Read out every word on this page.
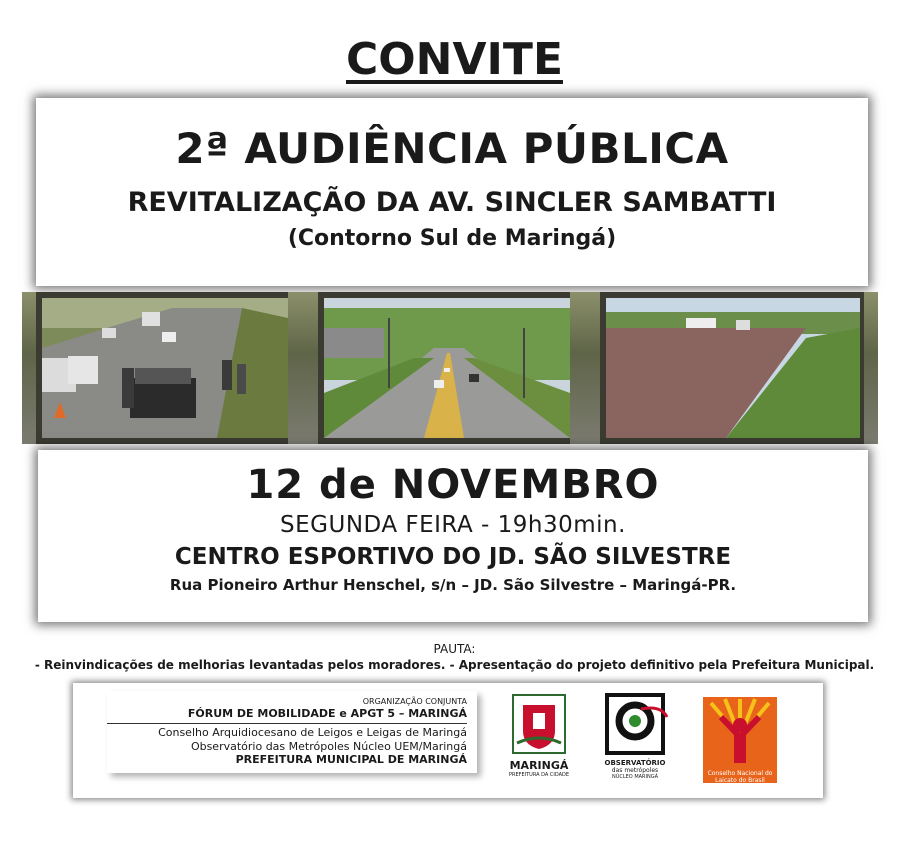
CONVITE
2ª AUDIÊNCIA PÚBLICA
REVITALIZAÇÃO DA AV. SINCLER SAMBATTI
(Contorno Sul de Maringá)
12 de NOVEMBRO
SEGUNDA FEIRA - 19h30min.
CENTRO ESPORTIVO DO JD. SÃO SILVESTRE
Rua Pioneiro Arthur Henschel, s/n – JD. São Silvestre – Maringá-PR.
PAUTA:
- Reinvindicações de melhorias levantadas pelos moradores. - Apresentação do projeto definitivo pela Prefeitura Municipal.
ORGANIZAÇÃO CONJUNTA
FÓRUM DE MOBILIDADE e APGT 5 – MARINGÁ
Conselho Arquidiocesano de Leigos e Leigas de Maringá
Observatório das Metrópoles Núcleo UEM/Maringá
PREFEITURA MUNICIPAL DE MARINGÁ	MARINGÁ
PREFEITURA DA CIDADE
OBSERVATÓRIO
das metrópoles
NÚCLEO MARINGÁ	Conselho Nacional do Laicato do Brasil
